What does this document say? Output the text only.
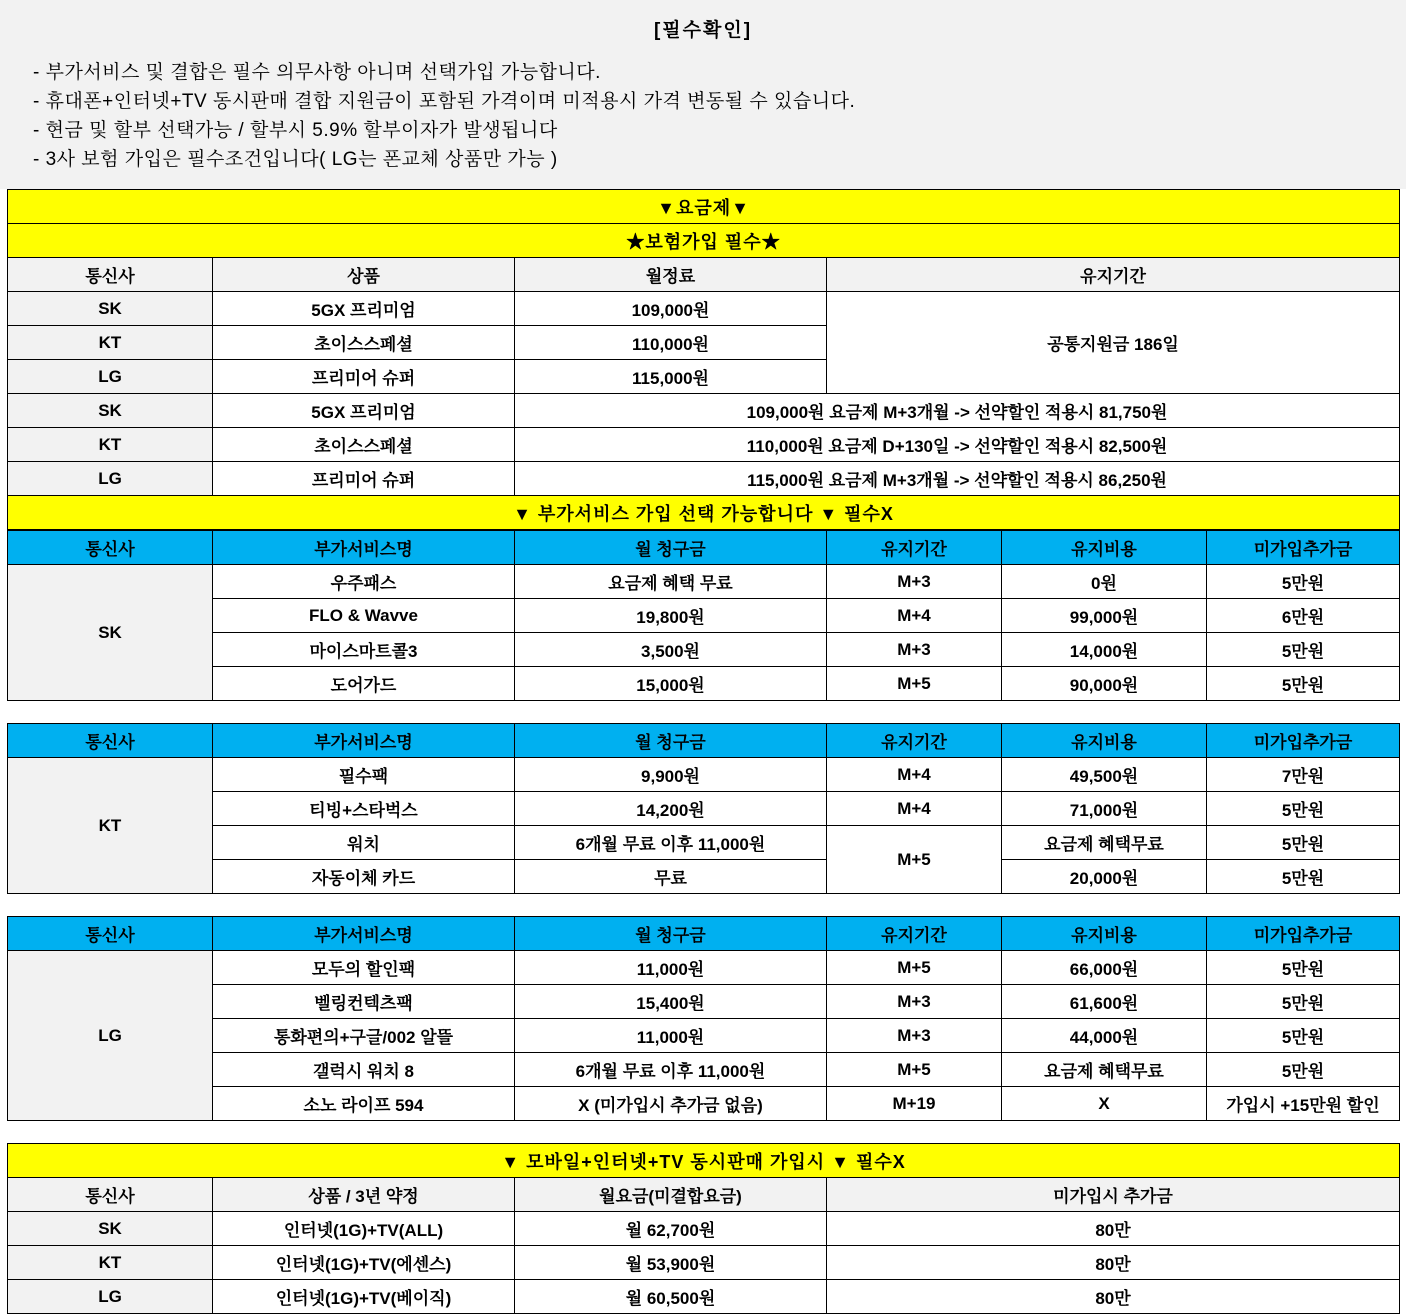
[필수확인]
- 부가서비스 및 결합은 필수 의무사항 아니며 선택가입 가능합니다.
- 휴대폰+인터넷+TV 동시판매 결합 지원금이 포함된 가격이며 미적용시 가격 변동될 수 있습니다.
- 현금 및 할부 선택가능 / 할부시 5.9% 할부이자가 발생됩니다
- 3사 보험 가입은 필수조건입니다( LG는 폰교체 상품만 가능 )
▼요금제▼			
★보험가입 필수★			
통신사	상품	월정료	유지기간
SK	5GX 프리미엄	109,000원	공통지원금 186일
KT	초이스스페셜	110,000원	
LG	프리미어 슈퍼	115,000원	
SK	5GX 프리미엄	109,000원 요금제 M+3개월 -> 선약할인 적용시 81,750원	
KT	초이스스페셜	110,000원 요금제 D+130일 -> 선약할인 적용시 82,500원	
LG	프리미어 슈퍼	115,000원 요금제 M+3개월 -> 선약할인 적용시 86,250원	
▼ 부가서비스 가입 선택 가능합니다 ▼ 필수X			
통신사	부가서비스명	월 청구금	유지기간	유지비용	미가입추가금
SK	우주패스	요금제 혜택 무료	M+3	0원	5만원
	FLO & Wavve	19,800원	M+4	99,000원	6만원
	마이스마트콜3	3,500원	M+3	14,000원	5만원
	도어가드	15,000원	M+5	90,000원	5만원
통신사	부가서비스명	월 청구금	유지기간	유지비용	미가입추가금
KT	필수팩	9,900원	M+4	49,500원	7만원
	티빙+스타벅스	14,200원	M+4	71,000원	5만원
	워치	6개월 무료 이후 11,000원	M+5	요금제 혜택무료	5만원
	자동이체 카드	무료		20,000원	5만원
통신사	부가서비스명	월 청구금	유지기간	유지비용	미가입추가금
LG	모두의 할인팩	11,000원	M+5	66,000원	5만원
	벨링컨텍츠팩	15,400원	M+3	61,600원	5만원
	통화편의+구글/002 알뜰	11,000원	M+3	44,000원	5만원
	갤럭시 워치 8	6개월 무료 이후 11,000원	M+5	요금제 혜택무료	5만원
	소노 라이프 594	X (미가입시 추가금 없음)	M+19	X	가입시 +15만원 할인
▼ 모바일+인터넷+TV 동시판매 가입시 ▼ 필수X			
통신사	상품 / 3년 약정	월요금(미결합요금)	미가입시 추가금
SK	인터넷(1G)+TV(ALL)	월 62,700원	80만
KT	인터넷(1G)+TV(에센스)	월 53,900원	80만
LG	인터넷(1G)+TV(베이직)	월 60,500원	80만
